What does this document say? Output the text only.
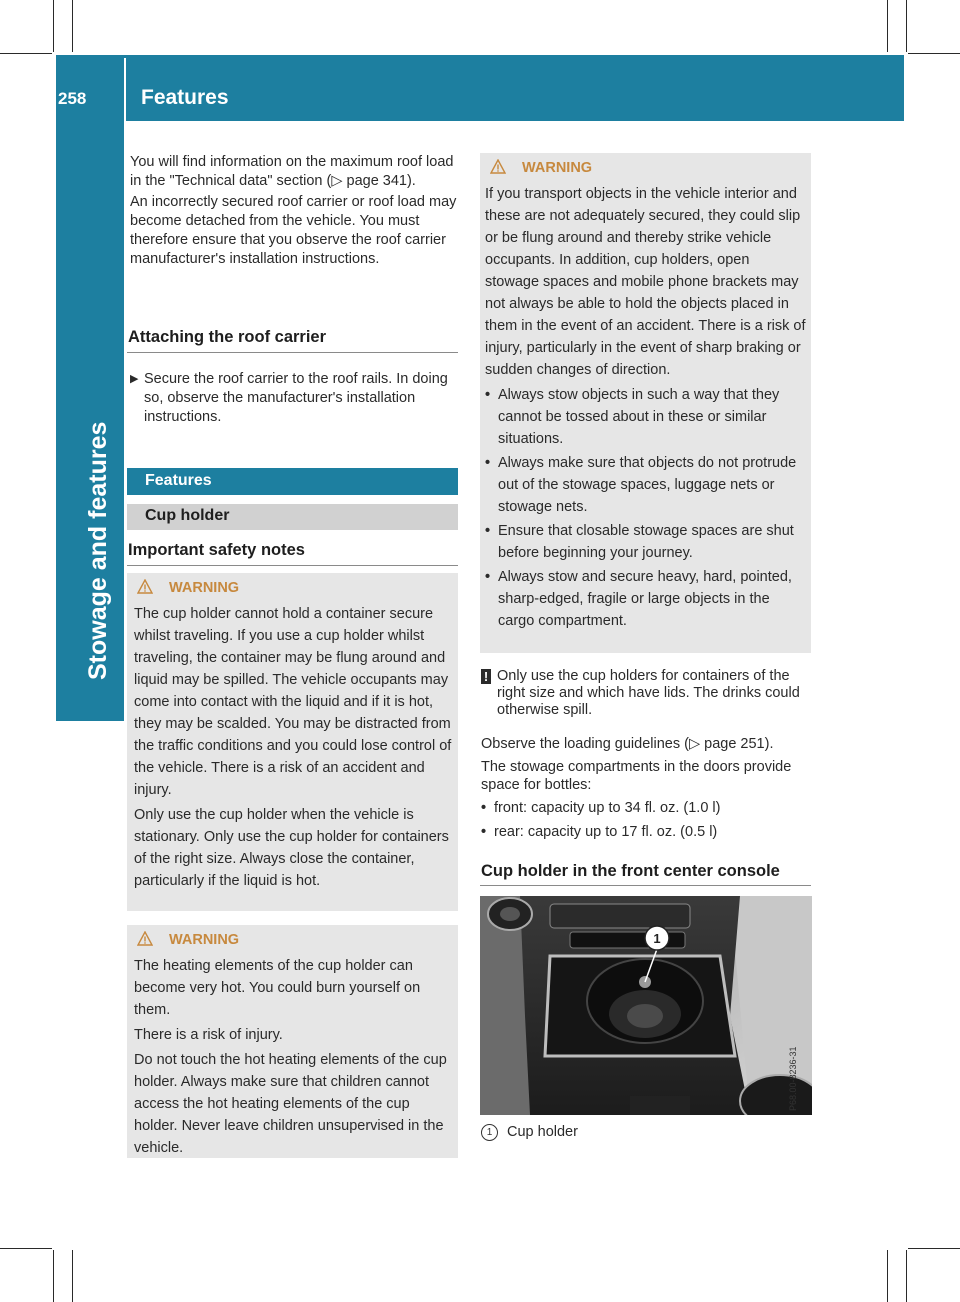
258	Features
Stowage and features

You will find information on the maximum roof load in the "Technical data" section (▷ page 341).

An incorrectly secured roof carrier or roof load may become detached from the vehicle. You must therefore ensure that you observe the roof carrier manufacturer's installation instructions.

Attaching the roof carrier
▶ Secure the roof carrier to the roof rails. In doing so, observe the manufacturer's installation instructions.
Features
Cup holder
Important safety notes
WARNING

The cup holder cannot hold a container secure whilst traveling. If you use a cup holder whilst traveling, the container may be flung around and liquid may be spilled. The vehicle occupants may come into contact with the liquid and if it is hot, they may be scalded. You may be distracted from the traffic conditions and you could lose control of the vehicle. There is a risk of an accident and injury.

Only use the cup holder when the vehicle is stationary. Only use the cup holder for containers of the right size. Always close the container, particularly if the liquid is hot.

WARNING

The heating elements of the cup holder can become very hot. You could burn yourself on them.

There is a risk of injury.

Do not touch the hot heating elements of the cup holder. Always make sure that children cannot access the hot heating elements of the cup holder. Never leave children unsupervised in the vehicle.

WARNING

If you transport objects in the vehicle interior and these are not adequately secured, they could slip or be flung around and thereby strike vehicle occupants. In addition, cup holders, open stowage spaces and mobile phone brackets may not always be able to hold the objects placed in them in the event of an accident. There is a risk of injury, particularly in the event of sharp braking or sudden changes of direction.

• Always stow objects in such a way that they cannot be tossed about in these or similar situations.
• Always make sure that objects do not protrude out of the stowage spaces, luggage nets or stowage nets.
• Ensure that closable stowage spaces are shut before beginning your journey.
• Always stow and secure heavy, hard, pointed, sharp-edged, fragile or large objects in the cargo compartment.
! Only use the cup holders for containers of the right size and which have lids. The drinks could otherwise spill.

Observe the loading guidelines (▷ page 251).

The stowage compartments in the doors provide space for bottles:

• front: capacity up to 34 fl. oz. (1.0 l)
• rear: capacity up to 17 fl. oz. (0.5 l)
Cup holder in the front center console
1
P68.00-8236-31
1	Cup holder
